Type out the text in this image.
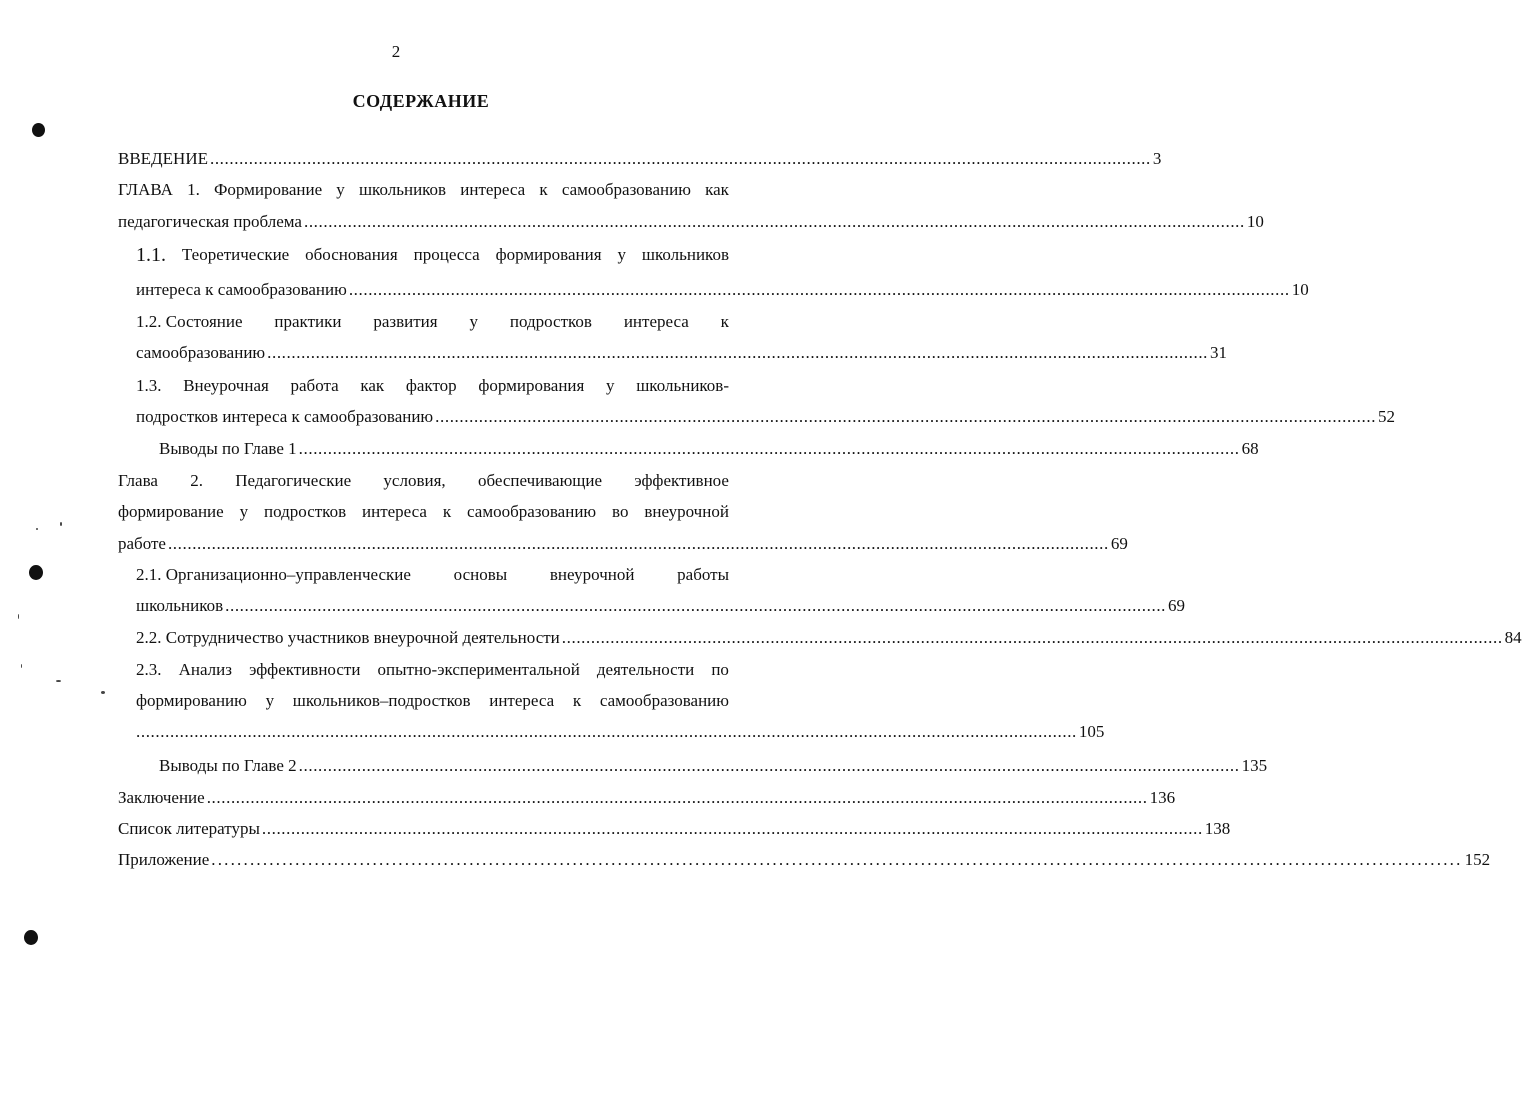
2
СОДЕРЖАНИЕ
ВВЕДЕНИЕ .................................................................................................................................................................................................. 3
ГЛАВА 1. Формирование у школьников интереса к самообразованию как
педагогическая проблема .................................................................................................................................................................................................. 10
1.1. Теоретические обоснования процесса формирования у школьников
интереса к самообразованию .................................................................................................................................................................................................. 10
1.2. Состояние практики развития у подростков интереса к
самообразованию .................................................................................................................................................................................................. 31
1.3. Внеурочная работа как фактор формирования у школьников-
подростков интереса к самообразованию .................................................................................................................................................................................................. 52
Выводы по Главе 1 .................................................................................................................................................................................................. 68
Глава 2. Педагогические условия, обеспечивающие эффективное
формирование у подростков интереса к самообразованию во внеурочной
работе .................................................................................................................................................................................................. 69
2.1. Организационно–управленческие	основы	внеурочной	работы
школьников .................................................................................................................................................................................................. 69
2.2. Сотрудничество участников внеурочной деятельности .................................................................................................................................................................................................. 84
2.3. Анализ эффективности опытно-экспериментальной деятельности по
формированию у школьников–подростков интереса к самообразованию
.................................................................................................................................................................................................. 105
Выводы по Главе 2 .................................................................................................................................................................................................. 135
Заключение .................................................................................................................................................................................................. 136
Список литературы .................................................................................................................................................................................................. 138
Приложение .................................................................................................................................................................................................. 152
